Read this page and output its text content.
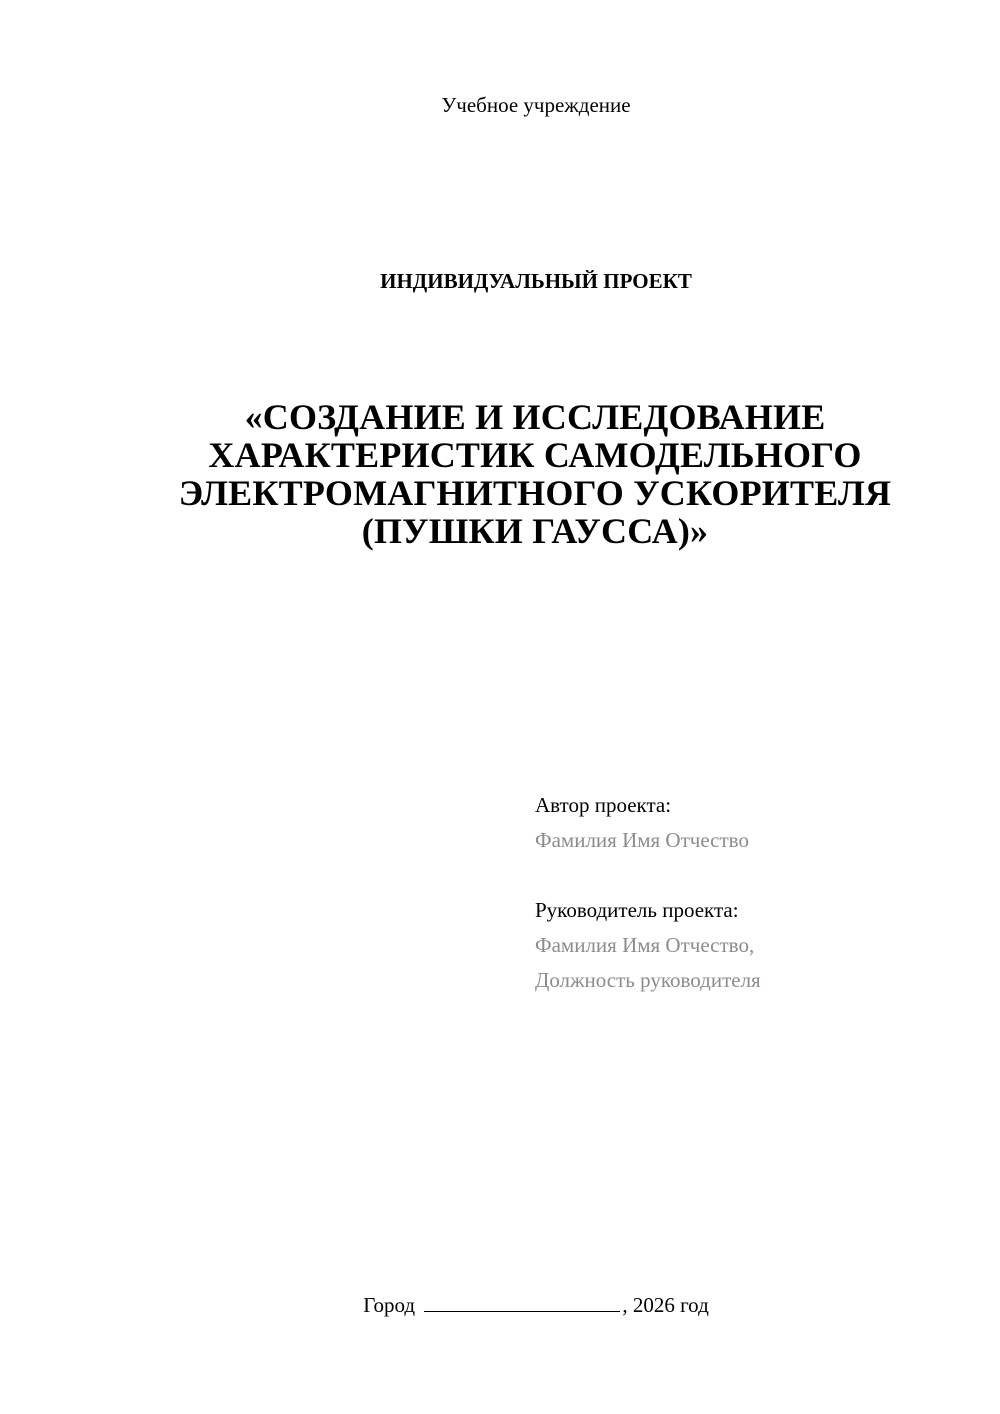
Учебное учреждение
ИНДИВИДУАЛЬНЫЙ ПРОЕКТ
«СОЗДАНИЕ И ИССЛЕДОВАНИЕ
ХАРАКТЕРИСТИК САМОДЕЛЬНОГО
ЭЛЕКТРОМАГНИТНОГО УСКОРИТЕЛЯ
(ПУШКИ ГАУССА)»
Автор проекта:
Фамилия Имя Отчество
Руководитель проекта:
Фамилия Имя Отчество,
Должность руководителя
Город	, 2026 год
